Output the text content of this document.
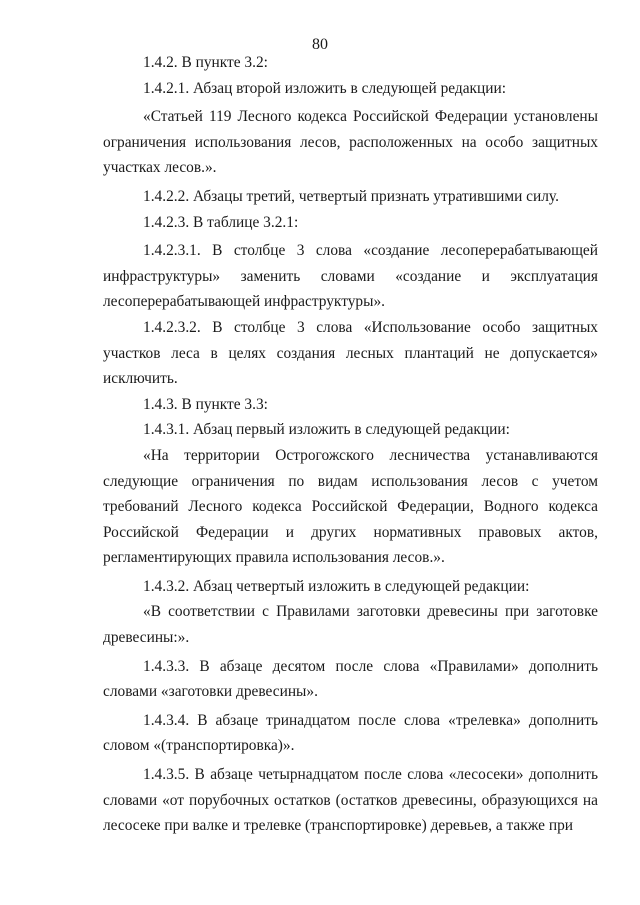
80

1.4.2. В пункте 3.2:

1.4.2.1. Абзац второй изложить в следующей редакции:

«Статьей 119 Лесного кодекса Российской Федерации установлены ограничения использования лесов, расположенных на особо защитных участках лесов.».

1.4.2.2. Абзацы третий, четвертый признать утратившими силу.

1.4.2.3. В таблице 3.2.1:

1.4.2.3.1. В столбце 3 слова «создание лесоперерабатывающей инфраструктуры» заменить словами «создание и эксплуатация лесоперерабатывающей инфраструктуры».

1.4.2.3.2. В столбце 3 слова «Использование особо защитных участков леса в целях создания лесных плантаций не допускается» исключить.

1.4.3. В пункте 3.3:

1.4.3.1. Абзац первый изложить в следующей редакции:

«На территории Острогожского лесничества устанавливаются следующие ограничения по видам использования лесов с учетом требований Лесного кодекса Российской Федерации, Водного кодекса Российской Федерации и других нормативных правовых актов, регламентирующих правила использования лесов.».

1.4.3.2. Абзац четвертый изложить в следующей редакции:

«В соответствии с Правилами заготовки древесины при заготовке древесины:».

1.4.3.3. В абзаце десятом после слова «Правилами» дополнить словами «заготовки древесины».

1.4.3.4. В абзаце тринадцатом после слова «трелевка» дополнить словом «(транспортировка)».

1.4.3.5. В абзаце четырнадцатом после слова «лесосеки» дополнить словами «от порубочных остатков (остатков древесины, образующихся на лесосеке при валке и трелевке (транспортировке) деревьев, а также при
